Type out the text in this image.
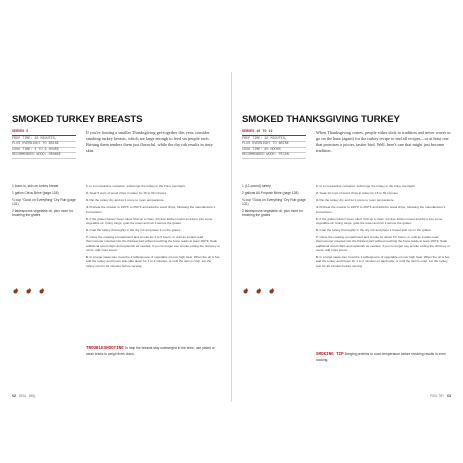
SMOKED TURKEY BREASTS
SERVES 6
PREP TIME: 30 MINUTES,
PLUS OVERNIGHT TO BRINE
COOK TIME: 4 TO 6 HOURS
RECOMMENDED WOOD: ORANGE
If you're hosting a smaller Thanksgiving get-together this year, consider smoking turkey breasts, which are large enough to feed six people each. Brining them tenders them just flavorful, while the dry rub results in tasty skin.

1 bone-in, skin-on turkey breast

1 gallon Citrus Brine (page 128)

¾ cup "Good on Everything" Dry Rub (page 131)

2 tablespoons vegetable oil, plus more for brushing the grates

1. In a nonreactive container, submerge the turkey in the brine overnight.

2. Soak 5 cups of wood chips in water for 15 to 30 minutes.

3. Pat the turkey dry and let it come to room temperature.

4. Preheat the smoker to 225°F to 250°F and add the wood chips, following the manufacturer's instructions.

5. If the grates haven't been oiled: Roll up a clean, lint-free kitchen towel and dip it into some vegetable oil. Using tongs, grab the towel and rub it across the grates.

6. Coat the turkey thoroughly in the dry rub and place it on the grates.

7. Close the cooking compartment and smoke for 4 to 6 hours, or until an instant-read thermometer inserted into the thickest part without touching the bone reads at least 160°F. Soak additional wood chips and replenish as needed, if you no longer see smoke exiting the chimney or vents, add more wood.

8. In a large sauté pan, heat the 2 tablespoons of vegetable oil over high heat. When the oil is hot, add the turkey and brown skin-side down for 1 to 2 minutes, or until the skin is crisp. Let the turkey rest for 10 minutes before serving.

TROUBLESHOOTING To help the breasts stay submerged in the brine, use plates or clean bricks to weigh them down.
62 REAL BBQ
SMOKED THANKSGIVING TURKEY
SERVES 10 TO 12
PREP TIME: 30 MINUTES,
PLUS OVERNIGHT TO BRINE
COOK TIME: 6½ HOURS
RECOMMENDED WOOD: PECAN
When Thanksgiving comes, people either stick to tradition and never waver or go on the hunt (again) for the turkey recipe to end all recipes—or at least one that promises a juicier, tastier bird. Well, here's one that might just become tradition.

1 (12-pound) turkey

2 gallons All-Purpose Brine (page 128)

¾ cup "Good on Everything" Dry Rub (page 131)

2 tablespoons vegetable oil, plus more for brushing the grates

1. In a nonreactive container, submerge the turkey in the brine overnight.

2. Soak 12 cups of wood chips in water for 15 to 30 minutes.

3. Pat the turkey dry and let it come to room temperature.

4. Preheat the smoker to 225°F to 250°F and add the wood chips, following the manufacturer's instructions.

5. If the grates haven't been oiled: Roll up a clean, lint-free kitchen towel and dip it into some vegetable oil. Using tongs, grab the towel and rub it across the grates.

6. Coat the turkey thoroughly in the dry rub and place it breast side up on the grates.

7. Close the cooking compartment and smoke for about 6½ hours, or until an instant-read thermometer inserted into the thickest part without touching the bone reads at least 160°F. Soak additional wood chips and replenish as needed, if you no longer see smoke exiting the chimney or vents, add more wood.

8. In a large sauté pan, heat the 2 tablespoons of vegetable oil over high heat. When the oil is hot, add the turkey and brown for 1 to 2 minutes on each side, or until the skin is crisp. Let the turkey rest for 20 minutes before serving.

SMOKING TIP Bringing proteins to room temperature before smoking results in even cooking.
POULTRY 63
